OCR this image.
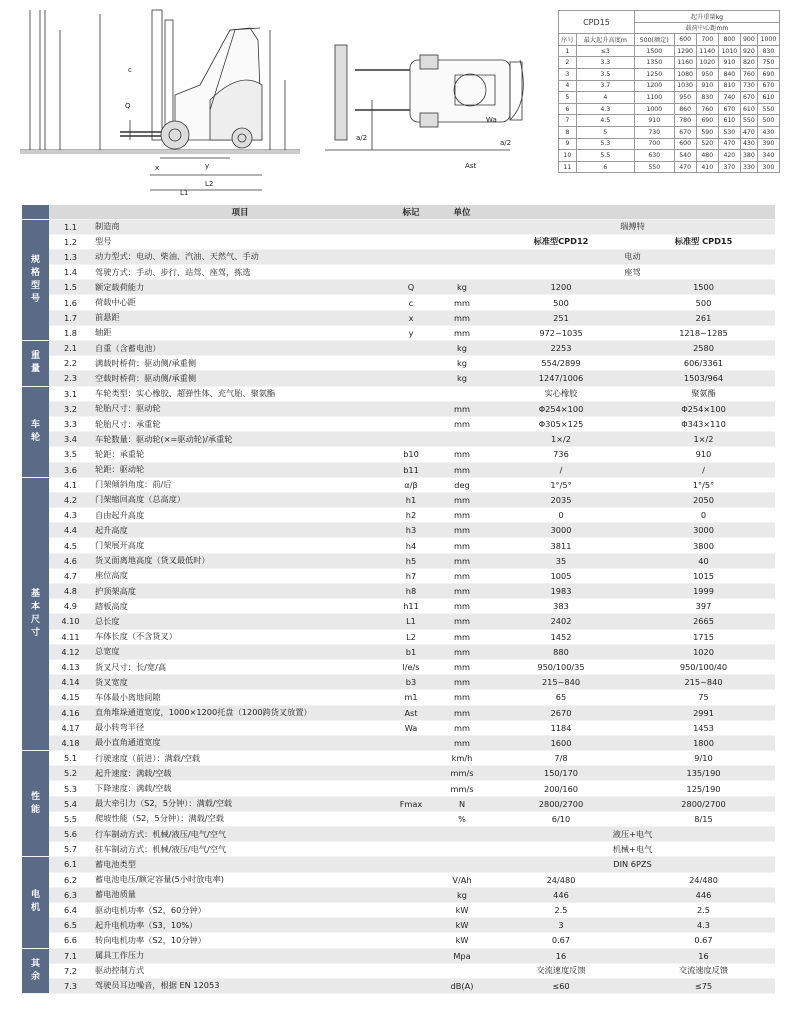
c
x	y
L2
L1
Q
a/2
Ast
a/2
Wa
CPD15		起升重量kg					
		载荷中心距mm					
序号	最大起升高度m	500(额定)	600	700	800	900	1000
1	≤3	1500	1290	1140	1010	920	830
2	3.3	1350	1160	1020	910	820	750
3	3.5	1250	1080	950	840	760	690
4	3.7	1200	1030	910	810	730	670
5	4	1100	950	830	740	670	610
6	4.3	1000	860	760	670	610	550
7	4.5	910	780	690	610	550	500
8	5	730	670	590	530	470	430
9	5.3	700	600	520	470	430	390
10	5.5	630	540	480	420	380	340
11	6	550	470	410	370	330	300
		项目	标记	单位		
规格型号	1.1	制造商			瑞搏特	
	1.2	型号			标准型CPD12	标准型 CPD15
	1.3	动力型式：电动、柴油、汽油、天然气、手动			电动	
	1.4	驾驶方式：手动、步行、站驾、座驾，拣选			座驾	
	1.5	额定载荷能力	Q	kg	1200	1500
	1.6	荷载中心距	c	mm	500	500
	1.7	前悬距	x	mm	251	261
	1.8	轴距	y	mm	972~1035	1218~1285
重量	2.1	自重（含蓄电池）		kg	2253	2580
	2.2	满载时桥荷：驱动侧/承重侧		kg	554/2899	606/3361
	2.3	空载时桥荷：驱动侧/承重侧		kg	1247/1006	1503/964
车轮	3.1	车轮类型：实心橡胶、超弹性体、充气胎、聚氨酯			实心橡胶	聚氨酯
	3.2	轮胎尺寸：驱动轮		mm	Φ254×100	Φ254×100
	3.3	轮胎尺寸：承重轮		mm	Φ305×125	Φ343×110
	3.4	车轮数量：驱动轮(×=驱动轮)/承重轮			1×/2	1×/2
	3.5	轮距：承重轮	b10	mm	736	910
	3.6	轮距：驱动轮	b11	mm	/	/
基本尺寸	4.1	门架倾斜角度：前/后	α/β	deg	1°/5°	1°/5°
	4.2	门架缩回高度（总高度）	h1	mm	2035	2050
	4.3	自由起升高度	h2	mm	0	0
	4.4	起升高度	h3	mm	3000	3000
	4.5	门架展开高度	h4	mm	3811	3800
	4.6	货叉面离地高度（货叉最低时）	h5	mm	35	40
	4.7	座位高度	h7	mm	1005	1015
	4.8	护顶架高度	h8	mm	1983	1999
	4.9	踏板高度	h11	mm	383	397
	4.10	总长度	L1	mm	2402	2665
	4.11	车体长度（不含货叉）	L2	mm	1452	1715
	4.12	总宽度	b1	mm	880	1020
	4.13	货叉尺寸：长/宽/高	l/e/s	mm	950/100/35	950/100/40
	4.14	货叉宽度	b3	mm	215~840	215~840
	4.15	车体最小离地间隙	m1	mm	65	75
	4.16	直角堆垛通道宽度，1000×1200托盘（1200跨货叉放置）	Ast	mm	2670	2991
	4.17	最小转弯半径	Wa	mm	1184	1453
	4.18	最小直角通道宽度		mm	1600	1800
性能	5.1	行驶速度（前进）：满载/空载		km/h	7/8	9/10
	5.2	起升速度：满载/空载		mm/s	150/170	135/190
	5.3	下降速度：满载/空载		mm/s	200/160	125/190
	5.4	最大牵引力（S2，5分钟）：满载/空载	Fmax	N	2800/2700	2800/2700
	5.5	爬坡性能（S2，5分钟）：满载/空载		%	6/10	8/15
	5.6	行车制动方式：机械/液压/电气/空气			液压+电气	
	5.7	驻车制动方式：机械/液压/电气/空气			机械+电气	
电机	6.1	蓄电池类型			DIN 6PZS	
	6.2	蓄电池电压/额定容量(5小时放电率)		V/Ah	24/480	24/480
	6.3	蓄电池质量		kg	446	446
	6.4	驱动电机功率（S2，60分钟）		kW	2.5	2.5
	6.5	起升电机功率（S3，10%）		kW	3	4.3
	6.6	转向电机功率（S2，10分钟）		kW	0.67	0.67
其余	7.1	属具工作压力		Mpa	16	16
	7.2	驱动控制方式			交流速度反馈	交流速度反馈
	7.3	驾驶员耳边噪音，根据 EN 12053		dB(A)	≤60	≤75
